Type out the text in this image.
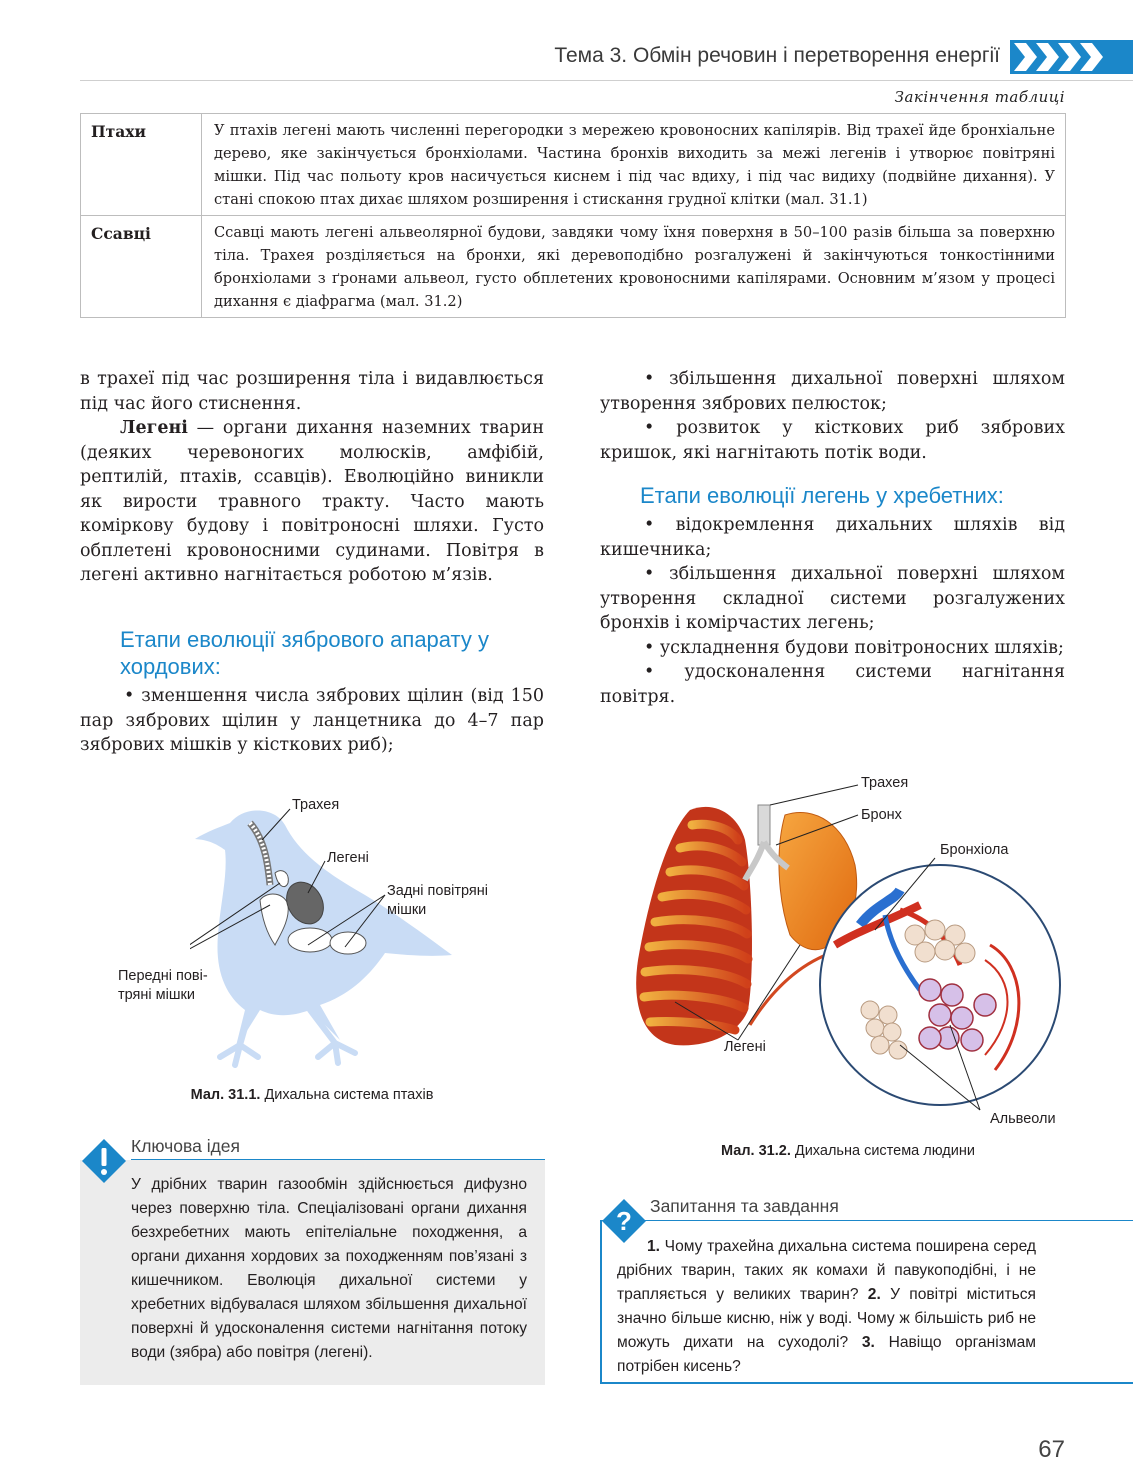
Тема 3. Обмін речовин і перетворення енергії
Закінчення таблиці
Птахи	У птахів легені мають численні перегородки з мережею кровоносних капілярів. Від трахеї йде бронхіальне дерево, яке закінчується бронхіолами. Частина бронхів виходить за межі легенів і утворює повітряні мішки. Під час польоту кров насичується киснем і під час вдиху, і під час видиху (подвійне дихання). У стані спокою птах дихає шляхом розширення і стискання грудної клітки (мал. 31.1)
Ссавці	Ссавці мають легені альвеолярної будови, завдяки чому їхня поверхня в 50–100 разів більша за поверхню тіла. Трахея розділяється на бронхи, які деревоподібно розгалужені й закінчуються тонкостінними бронхіолами з ґронами альвеол, густо обплетених кровоносними капілярами. Основним м’язом у процесі дихання є діафрагма (мал. 31.2)

в трахеї під час розширення тіла і видавлюється під час його стиснення.

Легені — органи дихання наземних тварин (деяких черевоногих молюсків, амфібій, рептилій, птахів, ссавців). Еволюційно виникли як вирости травного тракту. Часто мають коміркову будову і повітроносні шляхи. Густо обплетені кровоносними судинами. Повітря в легені активно нагнітається роботою м’язів.

Етапи еволюції зябрового апарату у хордових:

• зменшення числа зябрових щілин (від 150 пар зябрових щілин у ланцетника до 4–7 пар зябрових мішків у кісткових риб);

• збільшення дихальної поверхні шляхом утворення зябрових пелюсток;

• розвиток у кісткових риб зябрових кришок, які нагнітають потік води.

Етапи еволюції легень у хребетних:

• відокремлення дихальних шляхів від кишечника;

• збільшення дихальної поверхні шляхом утворення складної системи розгалужених бронхів і комірчастих легень;

• ускладнення будови повітроносних шляхів;

• удосконалення системи нагнітання повітря.

Трахея
Легені
Задні повітряні
мішки
Передні пові-
тряні мішки
Мал. 31.1. Дихальна система птахів
Трахея
Бронх
Бронхіола
Легені
Альвеоли
Мал. 31.2. Дихальна система людини
Ключова ідея
У дрібних тварин газообмін здійснюється дифузно через поверхню тіла. Спеціалізовані органи дихання безхребетних мають епітеліальне походження, а органи дихання хордових за походженням пов’язані з кишечником. Еволюція дихальної системи у хребетних відбувалася шляхом збільшення дихальної поверхні й удосконалення системи нагнітання потоку води (зябра) або повітря (легені).
? Запитання та завдання
1. Чому трахейна дихальна система поширена серед дрібних тварин, таких як комахи й павукоподібні, і не трапляється у великих тварин? 2. У повітрі міститься значно більше кисню, ніж у воді. Чому ж більшість риб не можуть дихати на суходолі? 3. Навіщо організмам потрібен кисень?
67
